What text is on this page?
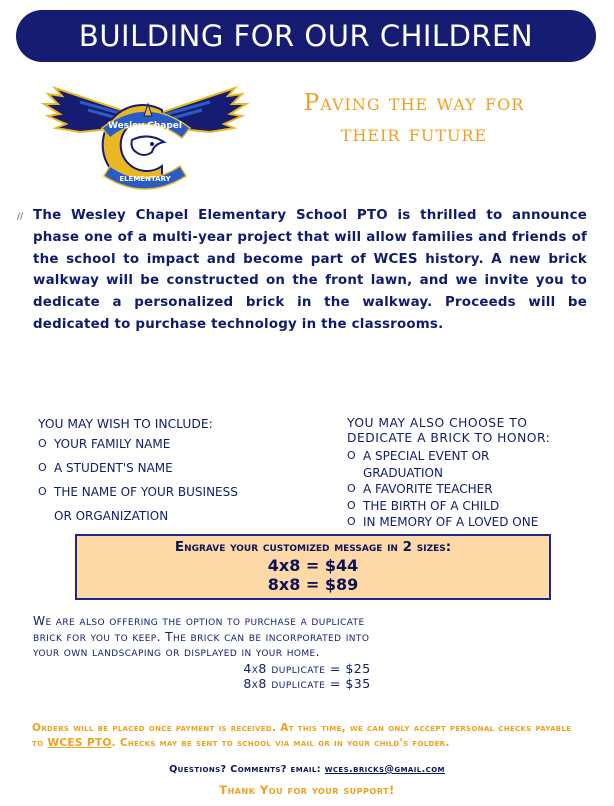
BUILDING FOR OUR CHILDREN
Wesley Chapel
ELEMENTARY
Paving the way for
their future
// The Wesley Chapel Elementary School PTO is thrilled to announce phase one of a multi-year project that will allow families and friends of the school to impact and become part of WCES history. A new brick walkway will be constructed on the front lawn, and we invite you to dedicate a personalized brick in the walkway. Proceeds will be dedicated to purchase technology in the classrooms.

YOU MAY WISH TO INCLUDE:

O YOUR FAMILY NAME
O A STUDENT'S NAME
O THE NAME OF YOUR BUSINESS
OR ORGANIZATION

YOU MAY ALSO CHOOSE TO

DEDICATE A BRICK TO HONOR:

O A SPECIAL EVENT OR
GRADUATION
O A FAVORITE TEACHER
O THE BIRTH OF A CHILD
O IN MEMORY OF A LOVED ONE
Engrave your customized message in 2 sizes:
4x8 = $44
8x8 = $89
We are also offering the option to purchase a duplicate
brick for you to keep. The brick can be incorporated into
your own landscaping or displayed in your home.
4x8 duplicate = $25
8x8 duplicate = $35
Orders will be placed once payment is received. At this time, we can only accept personal checks payable to WCES PTO. Checks may be sent to school via mail or in your child's folder.
Questions? Comments? email: wces.bricks@gmail.com
Thank You for your support!
